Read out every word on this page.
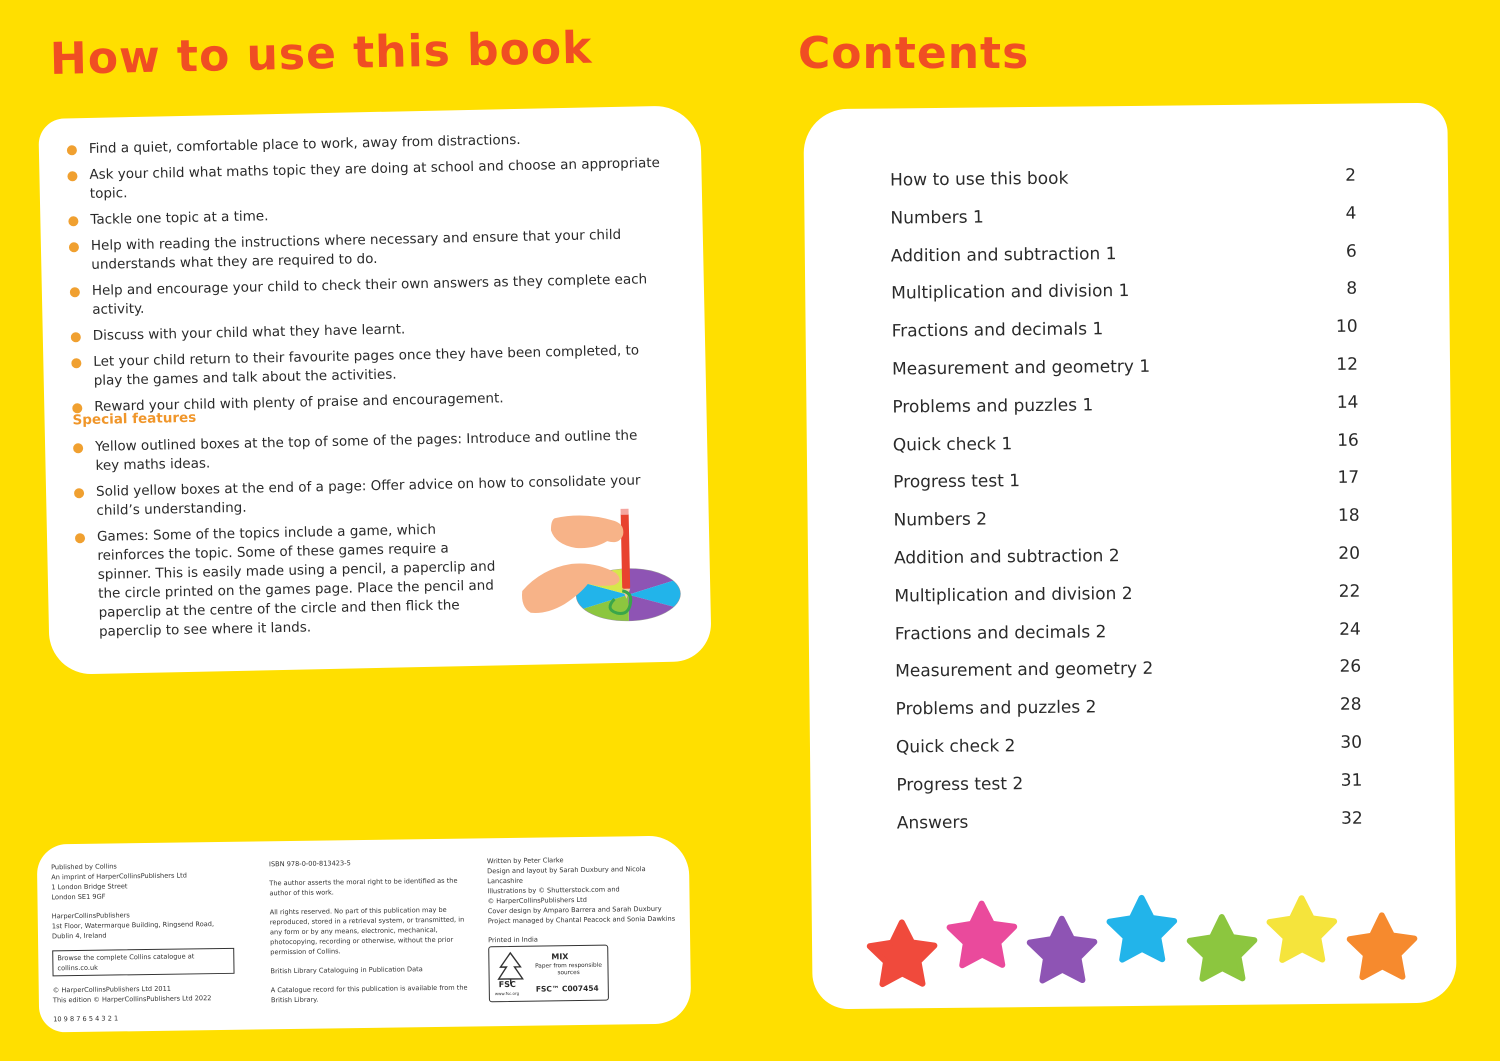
How to use this book	Contents
Find a quiet, comfortable place to work, away from distractions.
Ask your child what maths topic they are doing at school and choose an appropriate topic.
Tackle one topic at a time.
Help with reading the instructions where necessary and ensure that your child understands what they are required to do.
Help and encourage your child to check their own answers as they complete each activity.
Discuss with your child what they have learnt.
Let your child return to their favourite pages once they have been completed, to play the games and talk about the activities.
Reward your child with plenty of praise and encouragement.
Special features
Yellow outlined boxes at the top of some of the pages: Introduce and outline the key maths ideas.
Solid yellow boxes at the end of a page: Offer advice on how to consolidate your child’s understanding.
Games: Some of the topics include a game, which reinforces the topic. Some of these games require a spinner. This is easily made using a pencil, a paperclip and the circle printed on the games page. Place the pencil and paperclip at the centre of the circle and then flick the paperclip to see where it lands.

Published by Collins
An imprint of HarperCollinsPublishers Ltd
1 London Bridge Street
London SE1 9GF

HarperCollinsPublishers
1st Floor, Watermarque Building, Ringsend Road,
Dublin 4, Ireland

Browse the complete Collins catalogue at collins.co.uk

© HarperCollinsPublishers Ltd 2011
This edition © HarperCollinsPublishers Ltd 2022

10 9 8 7 6 5 4 3 2 1

ISBN 978-0-00-813423-5

The author asserts the moral right to be identified as the author of this work.

All rights reserved. No part of this publication may be reproduced, stored in a retrieval system, or transmitted, in any form or by any means, electronic, mechanical, photocopying, recording or otherwise, without the prior permission of Collins.

British Library Cataloguing in Publication Data

A Catalogue record for this publication is available from the British Library.

Written by Peter Clarke
Design and layout by Sarah Duxbury and Nicola Lancashire
Illustrations by © Shutterstock.com and
© HarperCollinsPublishers Ltd
Cover design by Amparo Barrera and Sarah Duxbury
Project managed by Chantal Peacock and Sonia Dawkins

Printed in India

FSC
www.fsc.org
MIX
Paper from responsible sources
FSC™ C007454
How to use this book	2
Numbers 1	4
Addition and subtraction 1	6
Multiplication and division 1	8
Fractions and decimals 1	10
Measurement and geometry 1	12
Problems and puzzles 1	14
Quick check 1	16
Progress test 1	17
Numbers 2	18
Addition and subtraction 2	20
Multiplication and division 2	22
Fractions and decimals 2	24
Measurement and geometry 2	26
Problems and puzzles 2	28
Quick check 2	30
Progress test 2	31
Answers	32
